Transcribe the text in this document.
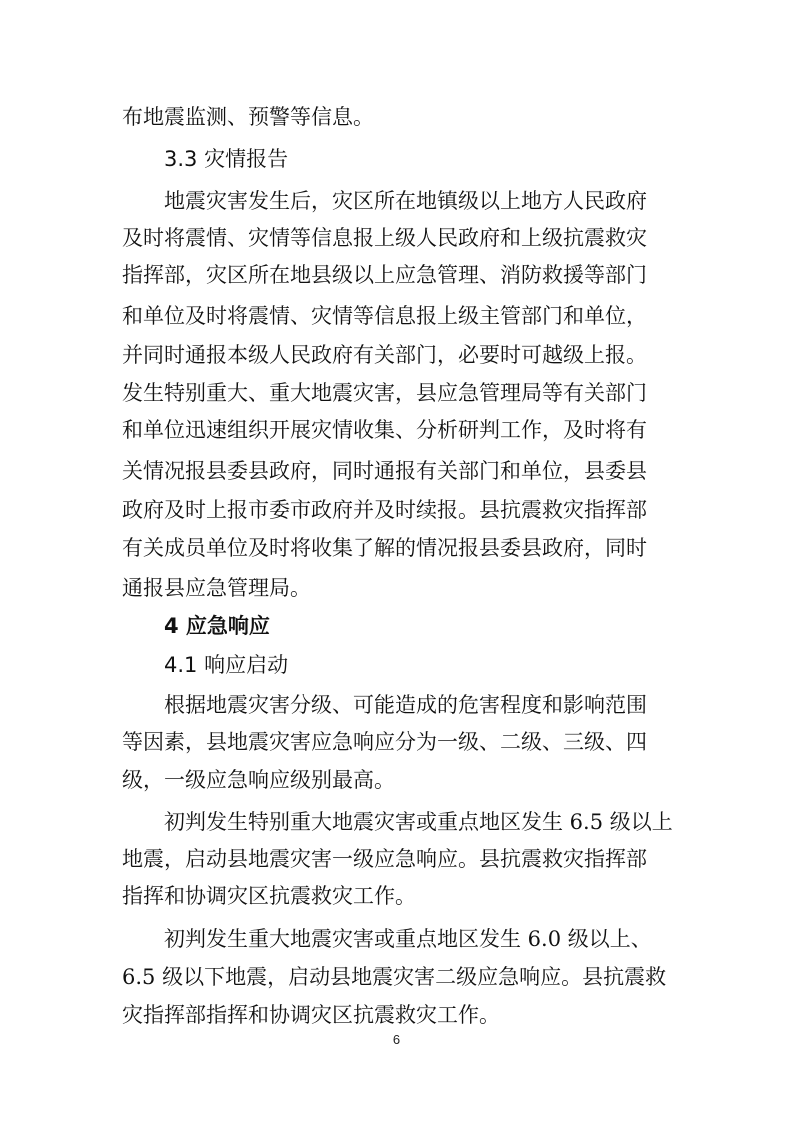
布地震监测、预警等信息。
3.3 灾情报告
地震灾害发生后，灾区所在地镇级以上地方人民政府
及时将震情、灾情等信息报上级人民政府和上级抗震救灾
指挥部，灾区所在地县级以上应急管理、消防救援等部门
和单位及时将震情、灾情等信息报上级主管部门和单位，
并同时通报本级人民政府有关部门，必要时可越级上报。
发生特别重大、重大地震灾害，县应急管理局等有关部门
和单位迅速组织开展灾情收集、分析研判工作，及时将有
关情况报县委县政府，同时通报有关部门和单位，县委县
政府及时上报市委市政府并及时续报。县抗震救灾指挥部
有关成员单位及时将收集了解的情况报县委县政府，同时
通报县应急管理局。
4 应急响应
4.1 响应启动
根据地震灾害分级、可能造成的危害程度和影响范围
等因素，县地震灾害应急响应分为一级、二级、三级、四
级，一级应急响应级别最高。
初判发生特别重大地震灾害或重点地区发生 6.5 级以上
地震，启动县地震灾害一级应急响应。县抗震救灾指挥部
指挥和协调灾区抗震救灾工作。
初判发生重大地震灾害或重点地区发生 6.0 级以上、
6.5 级以下地震，启动县地震灾害二级应急响应。县抗震救
灾指挥部指挥和协调灾区抗震救灾工作。
6
